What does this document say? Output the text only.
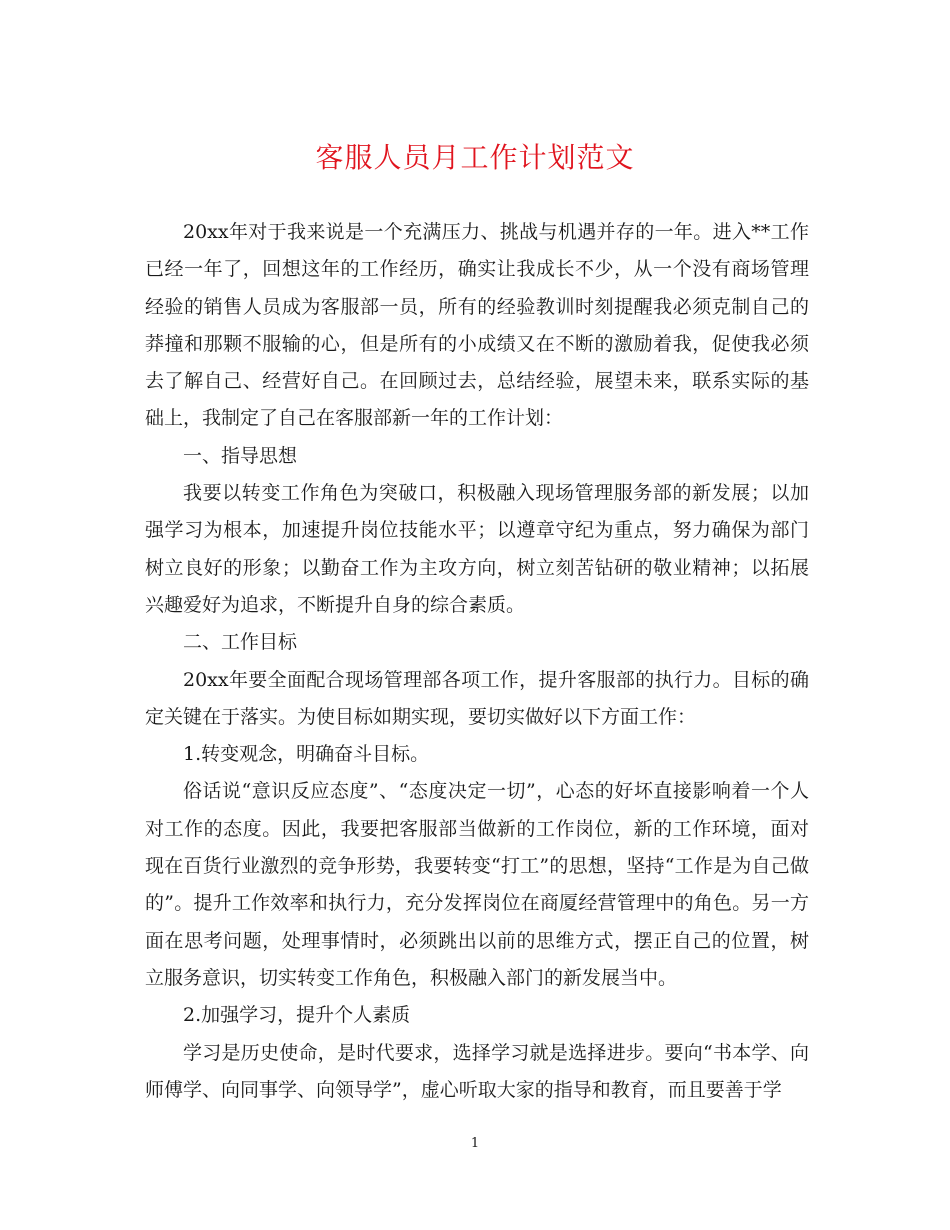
客服人员月工作计划范文

20xx年对于我来说是一个充满压力、挑战与机遇并存的一年。进入**工作已经一年了，回想这年的工作经历，确实让我成长不少，从一个没有商场管理经验的销售人员成为客服部一员，所有的经验教训时刻提醒我必须克制自己的莽撞和那颗不服输的心，但是所有的小成绩又在不断的激励着我，促使我必须去了解自己、经营好自己。在回顾过去，总结经验，展望未来，联系实际的基础上，我制定了自己在客服部新一年的工作计划：

一、指导思想

我要以转变工作角色为突破口，积极融入现场管理服务部的新发展；以加强学习为根本，加速提升岗位技能水平；以遵章守纪为重点，努力确保为部门树立良好的形象；以勤奋工作为主攻方向，树立刻苦钻研的敬业精神；以拓展兴趣爱好为追求，不断提升自身的综合素质。

二、工作目标

20xx年要全面配合现场管理部各项工作，提升客服部的执行力。目标的确定关键在于落实。为使目标如期实现，要切实做好以下方面工作：

1.转变观念，明确奋斗目标。

俗话说“意识反应态度”、“态度决定一切”，心态的好坏直接影响着一个人对工作的态度。因此，我要把客服部当做新的工作岗位，新的工作环境，面对现在百货行业激烈的竞争形势，我要转变“打工”的思想，坚持“工作是为自己做的”。提升工作效率和执行力，充分发挥岗位在商厦经营管理中的角色。另一方面在思考问题，处理事情时，必须跳出以前的思维方式，摆正自己的位置，树立服务意识，切实转变工作角色，积极融入部门的新发展当中。

2.加强学习，提升个人素质

学习是历史使命，是时代要求，选择学习就是选择进步。要向“书本学、向师傅学、向同事学、向领导学”，虚心听取大家的指导和教育，而且要善于学

1
